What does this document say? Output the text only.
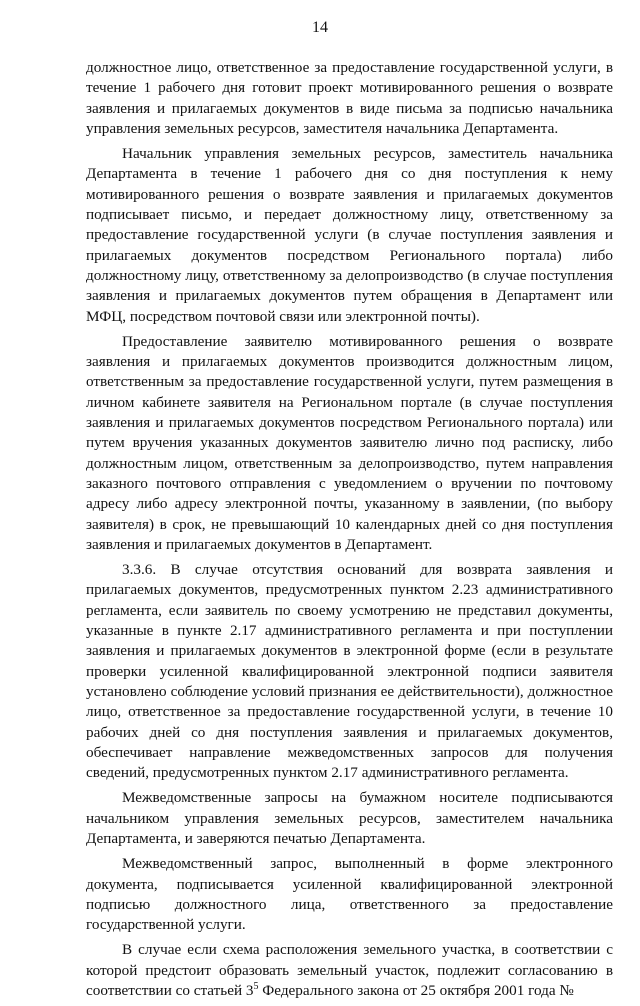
14

должностное лицо, ответственное за предоставление государственной услуги, в течение 1 рабочего дня готовит проект мотивированного решения о возврате заявления и прилагаемых документов в виде письма за подписью начальника управления земельных ресурсов, заместителя начальника Департамента.

Начальник управления земельных ресурсов, заместитель начальника Департамента в течение 1 рабочего дня со дня поступления к нему мотивированного решения о возврате заявления и прилагаемых документов подписывает письмо, и передает должностному лицу, ответственному за предоставление государственной услуги (в случае поступления заявления и прилагаемых документов посредством Регионального портала) либо должностному лицу, ответственному за делопроизводство (в случае поступления заявления и прилагаемых документов путем обращения в Департамент или МФЦ, посредством почтовой связи или электронной почты).

Предоставление заявителю мотивированного решения о возврате заявления и прилагаемых документов производится должностным лицом, ответственным за предоставление государственной услуги, путем размещения в личном кабинете заявителя на Региональном портале (в случае поступления заявления и прилагаемых документов посредством Регионального портала) или путем вручения указанных документов заявителю лично под расписку, либо должностным лицом, ответственным за делопроизводство, путем направления заказного почтового отправления с уведомлением о вручении по почтовому адресу либо адресу электронной почты, указанному в заявлении, (по выбору заявителя) в срок, не превышающий 10 календарных дней со дня поступления заявления и прилагаемых документов в Департамент.

3.3.6. В случае отсутствия оснований для возврата заявления и прилагаемых документов, предусмотренных пунктом 2.23 административного регламента, если заявитель по своему усмотрению не представил документы, указанные в пункте 2.17 административного регламента и при поступлении заявления и прилагаемых документов в электронной форме (если в результате проверки усиленной квалифицированной электронной подписи заявителя установлено соблюдение условий признания ее действительности), должностное лицо, ответственное за предоставление государственной услуги, в течение 10 рабочих дней со дня поступления заявления и прилагаемых документов, обеспечивает направление межведомственных запросов для получения сведений, предусмотренных пунктом 2.17 административного регламента.

Межведомственные запросы на бумажном носителе подписываются начальником управления земельных ресурсов, заместителем начальника Департамента, и заверяются печатью Департамента.

Межведомственный запрос, выполненный в форме электронного документа, подписывается усиленной квалифицированной электронной подписью должностного лица, ответственного за предоставление государственной услуги.

В случае если схема расположения земельного участка, в соответствии с которой предстоит образовать земельный участок, подлежит согласованию в соответствии со статьей $3^5$ Федерального закона от 25 октября 2001 года №
